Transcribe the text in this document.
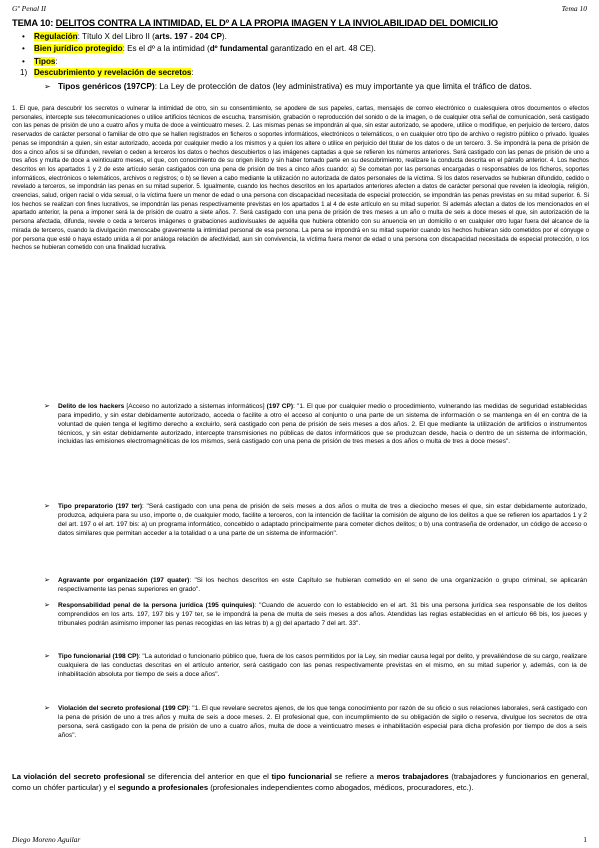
Gº Penal II	Tema 10
TEMA 10: DELITOS CONTRA LA INTIMIDAD, EL Dº A LA PROPIA IMAGEN Y LA INVIOLABILIDAD DEL DOMICILIO
• Regulación: Título X del Libro II (arts. 197 - 204 CP).
• Bien jurídico protegido: Es el dº a la intimidad (dº fundamental garantizado en el art. 48 CE).
• Tipos:
1) Descubrimiento y revelación de secretos:
➢ Tipos genéricos (197CP): La Ley de protección de datos (ley administrativa) es muy importante ya que limita el tráfico de datos.
1. El que, para descubrir los secretos o vulnerar la intimidad de otro, sin su consentimiento, se apodere de sus papeles, cartas, mensajes de correo electrónico o cualesquiera otros documentos o efectos personales, intercepte sus telecomunicaciones o utilice artificios técnicos de escucha, transmisión, grabación o reproducción del sonido o de la imagen, o de cualquier otra señal de comunicación, será castigado con las penas de prisión de uno a cuatro años y multa de doce a veinticuatro meses. 2. Las mismas penas se impondrán al que, sin estar autorizado, se apodere, utilice o modifique, en perjuicio de tercero, datos reservados de carácter personal o familiar de otro que se hallen registrados en ficheros o soportes informáticos, electrónicos o telemáticos, o en cualquier otro tipo de archivo o registro público o privado. Iguales penas se impondrán a quien, sin estar autorizado, acceda por cualquier medio a los mismos y a quien los altere o utilice en perjuicio del titular de los datos o de un tercero. 3. Se impondrá la pena de prisión de dos a cinco años si se difunden, revelan o ceden a terceros los datos o hechos descubiertos o las imágenes captadas a que se refieren los números anteriores. Será castigado con las penas de prisión de uno a tres años y multa de doce a veinticuatro meses, el que, con conocimiento de su origen ilícito y sin haber tomado parte en su descubrimiento, realizare la conducta descrita en el párrafo anterior. 4. Los hechos descritos en los apartados 1 y 2 de este artículo serán castigados con una pena de prisión de tres a cinco años cuando: a) Se cometan por las personas encargadas o responsables de los ficheros, soportes informáticos, electrónicos o telemáticos, archivos o registros; o b) se lleven a cabo mediante la utilización no autorizada de datos personales de la víctima. Si los datos reservados se hubieran difundido, cedido o revelado a terceros, se impondrán las penas en su mitad superior. 5. Igualmente, cuando los hechos descritos en los apartados anteriores afecten a datos de carácter personal que revelen la ideología, religión, creencias, salud, origen racial o vida sexual, o la víctima fuere un menor de edad o una persona con discapacidad necesitada de especial protección, se impondrán las penas previstas en su mitad superior. 6. Si los hechos se realizan con fines lucrativos, se impondrán las penas respectivamente previstas en los apartados 1 al 4 de este artículo en su mitad superior. Si además afectan a datos de los mencionados en el apartado anterior, la pena a imponer será la de prisión de cuatro a siete años. 7. Será castigado con una pena de prisión de tres meses a un año o multa de seis a doce meses el que, sin autorización de la persona afectada, difunda, revele o ceda a terceros imágenes o grabaciones audiovisuales de aquélla que hubiera obtenido con su anuencia en un domicilio o en cualquier otro lugar fuera del alcance de la mirada de terceros, cuando la divulgación menoscabe gravemente la intimidad personal de esa persona. La pena se impondrá en su mitad superior cuando los hechos hubieran sido cometidos por el cónyuge o por persona que esté o haya estado unida a él por análoga relación de afectividad, aun sin convivencia, la víctima fuera menor de edad o una persona con discapacidad necesitada de especial protección, o los hechos se hubieran cometido con una finalidad lucrativa.
➢ Delito de los hackers [Acceso no autorizado a sistemas informáticos] (197 CP): "1. El que por cualquier medio o procedimiento, vulnerando las medidas de seguridad establecidas para impedirlo, y sin estar debidamente autorizado, acceda o facilite a otro el acceso al conjunto o una parte de un sistema de información o se mantenga en él en contra de la voluntad de quien tenga el legítimo derecho a excluirlo, será castigado con pena de prisión de seis meses a dos años. 2. El que mediante la utilización de artificios o instrumentos técnicos, y sin estar debidamente autorizado, intercepte transmisiones no públicas de datos informáticos que se produzcan desde, hacia o dentro de un sistema de información, incluidas las emisiones electromagnéticas de los mismos, será castigado con una pena de prisión de tres meses a dos años o multa de tres a doce meses".
➢ Tipo preparatorio (197 ter): "Será castigado con una pena de prisión de seis meses a dos años o multa de tres a dieciocho meses el que, sin estar debidamente autorizado, produzca, adquiera para su uso, importe o, de cualquier modo, facilite a terceros, con la intención de facilitar la comisión de alguno de los delitos a que se refieren los apartados 1 y 2 del art. 197 o el art. 197 bis: a) un programa informático, concebido o adaptado principalmente para cometer dichos delitos; o b) una contraseña de ordenador, un código de acceso o datos similares que permitan acceder a la totalidad o a una parte de un sistema de información".
➢ Agravante por organización (197 quater): "Si los hechos descritos en este Capítulo se hubieran cometido en el seno de una organización o grupo criminal, se aplicarán respectivamente las penas superiores en grado".
➢ Responsabilidad penal de la persona jurídica (195 quinquies): "Cuando de acuerdo con lo establecido en el art. 31 bis una persona jurídica sea responsable de los delitos comprendidos en los arts. 197, 197 bis y 197 ter, se le impondrá la pena de multa de seis meses a dos años. Atendidas las reglas establecidas en el artículo 66 bis, los jueces y tribunales podrán asimismo imponer las penas recogidas en las letras b) a g) del apartado 7 del art. 33".
➢ Tipo funcionarial (198 CP): "La autoridad o funcionario público que, fuera de los casos permitidos por la Ley, sin mediar causa legal por delito, y prevaliéndose de su cargo, realizare cualquiera de las conductas descritas en el artículo anterior, será castigado con las penas respectivamente previstas en el mismo, en su mitad superior y, además, con la de inhabilitación absoluta por tiempo de seis a doce años".
➢ Violación del secreto profesional (199 CP): "1. El que revelare secretos ajenos, de los que tenga conocimiento por razón de su oficio o sus relaciones laborales, será castigado con la pena de prisión de uno a tres años y multa de seis a doce meses. 2. El profesional que, con incumplimiento de su obligación de sigilo o reserva, divulgue los secretos de otra persona, será castigado con la pena de prisión de uno a cuatro años, multa de doce a veinticuatro meses e inhabilitación especial para dicha profesión por tiempo de dos a seis años".
La violación del secreto profesional se diferencia del anterior en que el tipo funcionarial se refiere a meros trabajadores (trabajadores y funcionarios en general, como un chófer particular) y el segundo a profesionales (profesionales independientes como abogados, médicos, procuradores, etc.).
Diego Moreno Aguilar	1
